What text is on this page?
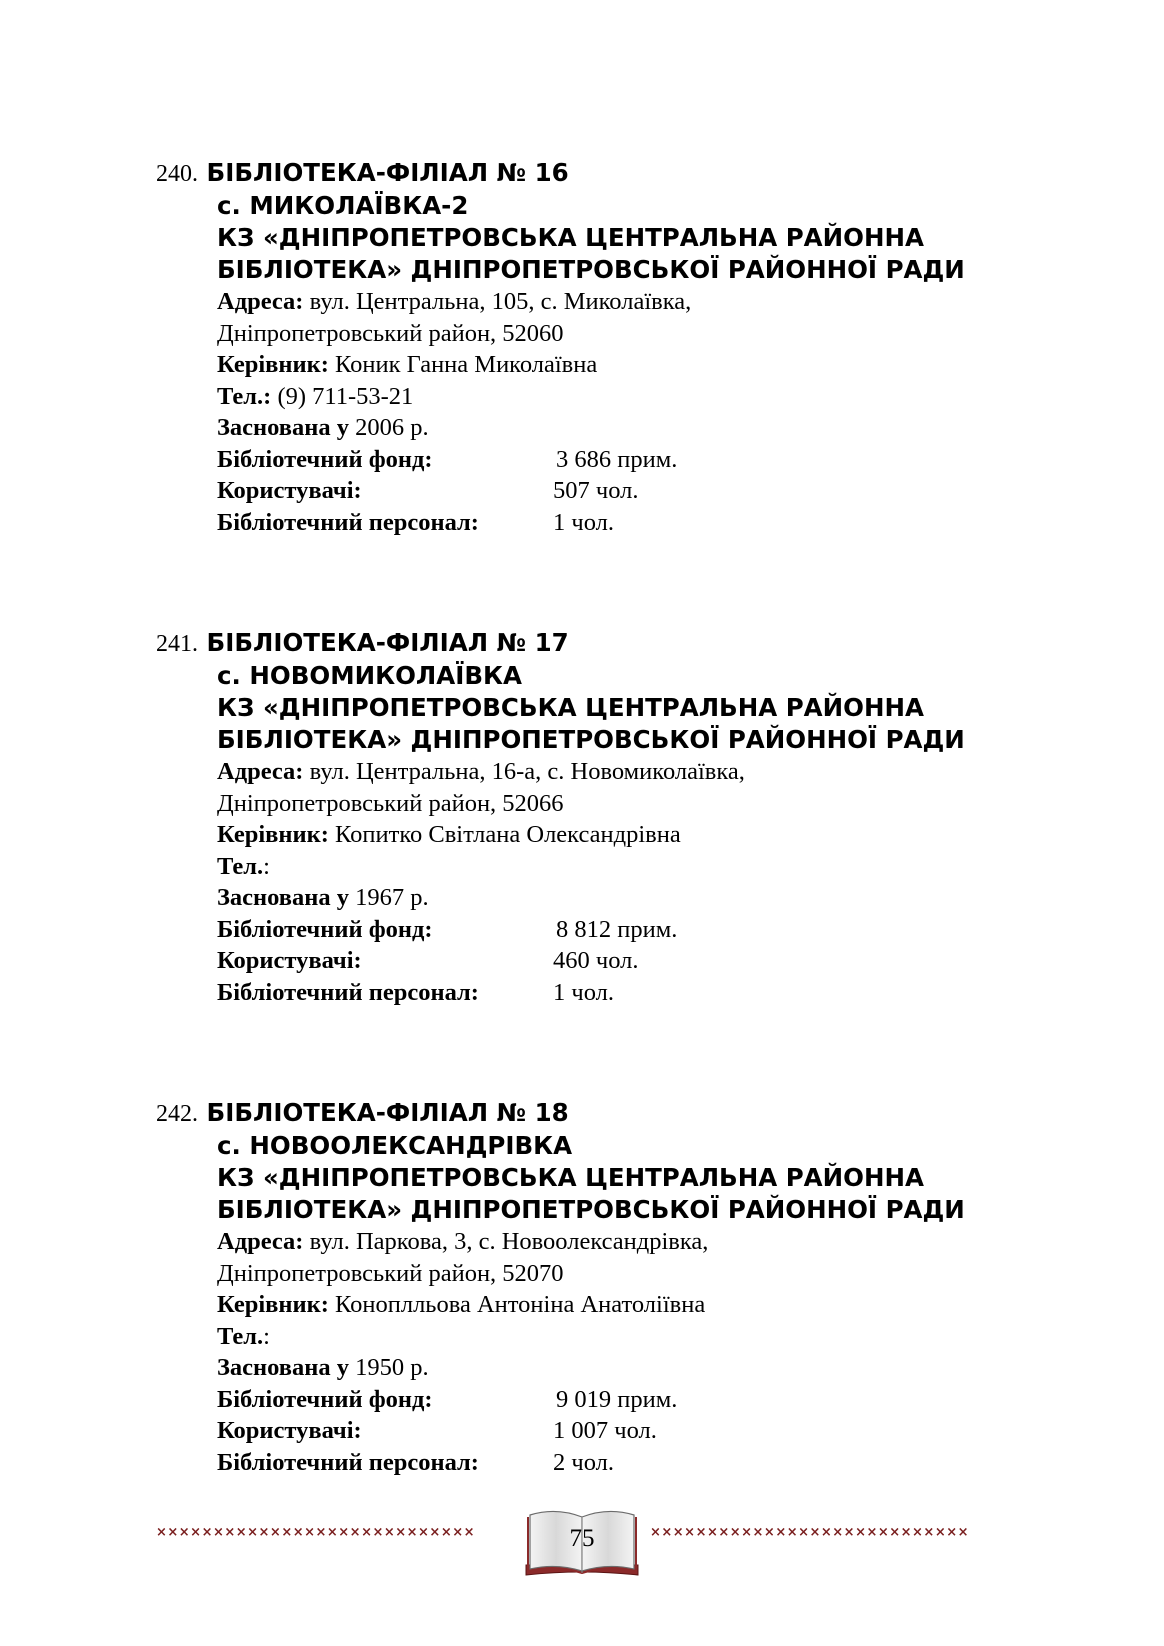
240. БІБЛІОТЕКА-ФІЛІАЛ № 16
с. МИКОЛАЇВКА-2
КЗ «ДНІПРОПЕТРОВСЬКА ЦЕНТРАЛЬНА РАЙОННА
БІБЛІОТЕКА» ДНІПРОПЕТРОВСЬКОЇ РАЙОННОЇ РАДИ
Адреса: вул. Центральна, 105, с. Миколаївка,
Дніпропетровський район, 52060
Керівник: Коник Ганна Миколаївна
Тел.: (9) 711-53-21
Заснована у 2006 р.
Бібліотечний фонд:	3 686 прим.
Користувачі:	507 чол.
Бібліотечний персонал:	1 чол.
241. БІБЛІОТЕКА-ФІЛІАЛ № 17
с. НОВОМИКОЛАЇВКА
КЗ «ДНІПРОПЕТРОВСЬКА ЦЕНТРАЛЬНА РАЙОННА
БІБЛІОТЕКА» ДНІПРОПЕТРОВСЬКОЇ РАЙОННОЇ РАДИ
Адреса: вул. Центральна, 16-а, с. Новомиколаївка,
Дніпропетровський район, 52066
Керівник: Копитко Світлана Олександрівна
Тел.:
Заснована у 1967 р.
Бібліотечний фонд:	8 812 прим.
Користувачі:	460 чол.
Бібліотечний персонал:	1 чол.
242. БІБЛІОТЕКА-ФІЛІАЛ № 18
с. НОВООЛЕКСАНДРІВКА
КЗ «ДНІПРОПЕТРОВСЬКА ЦЕНТРАЛЬНА РАЙОННА
БІБЛІОТЕКА» ДНІПРОПЕТРОВСЬКОЇ РАЙОННОЇ РАДИ
Адреса: вул. Паркова, 3, с. Новоолександрівка,
Дніпропетровський район, 52070
Керівник: Коноплльова Антоніна Анатоліївна
Тел.:
Заснована у 1950 р.
Бібліотечний фонд:	9 019 прим.
Користувачі:	1 007 чол.
Бібліотечний персонал:	2 чол.
××××××××××××××××××××××××××××	75	××××××××××××××××××××××××××××
